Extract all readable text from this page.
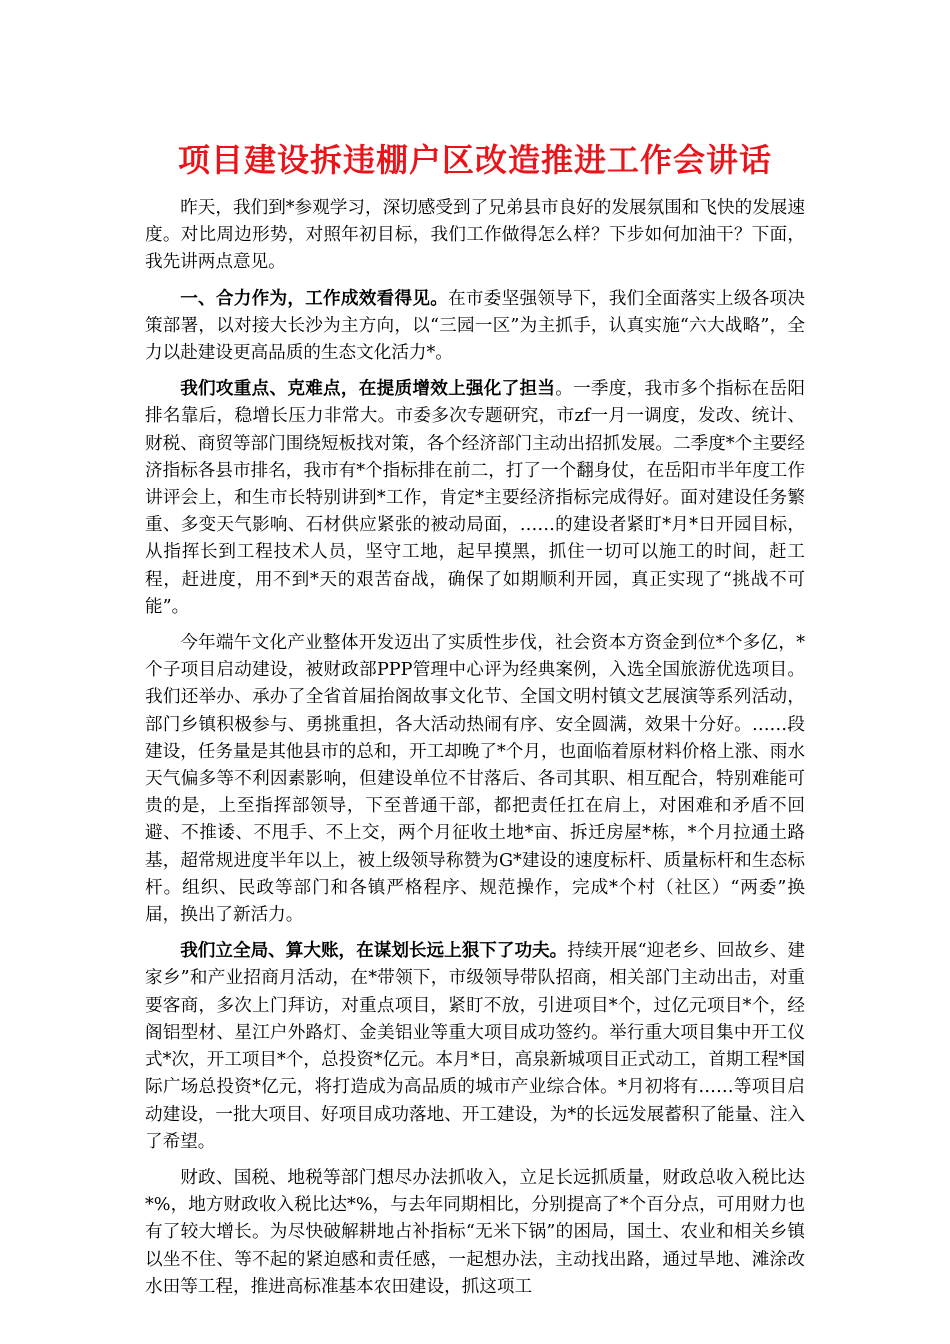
项目建设拆违棚户区改造推进工作会讲话

昨天，我们到*参观学习，深切感受到了兄弟县市良好的发展氛围和飞快的发展速度。对比周边形势，对照年初目标，我们工作做得怎么样？下步如何加油干？下面，我先讲两点意见。

一、合力作为，工作成效看得见。在市委坚强领导下，我们全面落实上级各项决策部署，以对接大长沙为主方向，以“三园一区”为主抓手，认真实施“六大战略”，全力以赴建设更高品质的生态文化活力*。

我们攻重点、克难点，在提质增效上强化了担当。一季度，我市多个指标在岳阳排名靠后，稳增长压力非常大。市委多次专题研究，市zf一月一调度，发改、统计、财税、商贸等部门围绕短板找对策，各个经济部门主动出招抓发展。二季度*个主要经济指标各县市排名，我市有*个指标排在前二，打了一个翻身仗，在岳阳市半年度工作讲评会上，和生市长特别讲到*工作，肯定*主要经济指标完成得好。面对建设任务繁重、多变天气影响、石材供应紧张的被动局面，……的建设者紧盯*月*日开园目标，从指挥长到工程技术人员，坚守工地，起早摸黑，抓住一切可以施工的时间，赶工程，赶进度，用不到*天的艰苦奋战，确保了如期顺利开园，真正实现了“挑战不可能”。

今年端午文化产业整体开发迈出了实质性步伐，社会资本方资金到位*个多亿，*个子项目启动建设，被财政部PPP管理中心评为经典案例，入选全国旅游优选项目。我们还举办、承办了全省首届抬阁故事文化节、全国文明村镇文艺展演等系列活动，部门乡镇积极参与、勇挑重担，各大活动热闹有序、安全圆满，效果十分好。……段建设，任务量是其他县市的总和，开工却晚了*个月，也面临着原材料价格上涨、雨水天气偏多等不利因素影响，但建设单位不甘落后、各司其职、相互配合，特别难能可贵的是，上至指挥部领导，下至普通干部，都把责任扛在肩上，对困难和矛盾不回避、不推诿、不甩手、不上交，两个月征收土地*亩、拆迁房屋*栋，*个月拉通土路基，超常规进度半年以上，被上级领导称赞为G*建设的速度标杆、质量标杆和生态标杆。组织、民政等部门和各镇严格程序、规范操作，完成*个村（社区）“两委”换届，换出了新活力。

我们立全局、算大账，在谋划长远上狠下了功夫。持续开展“迎老乡、回故乡、建家乡”和产业招商月活动，在*带领下，市级领导带队招商，相关部门主动出击，对重要客商，多次上门拜访，对重点项目，紧盯不放，引进项目*个，过亿元项目*个，经阁铝型材、星江户外路灯、金美铝业等重大项目成功签约。举行重大项目集中开工仪式*次，开工项目*个，总投资*亿元。本月*日，高泉新城项目正式动工，首期工程*国际广场总投资*亿元，将打造成为高品质的城市产业综合体。*月初将有……等项目启动建设，一批大项目、好项目成功落地、开工建设，为*的长远发展蓄积了能量、注入了希望。

财政、国税、地税等部门想尽办法抓收入，立足长远抓质量，财政总收入税比达*%，地方财政收入税比达*%，与去年同期相比，分别提高了*个百分点，可用财力也有了较大增长。为尽快破解耕地占补指标“无米下锅”的困局，国土、农业和相关乡镇以坐不住、等不起的紧迫感和责任感，一起想办法，主动找出路，通过旱地、滩涂改水田等工程，推进高标准基本农田建设，抓这项工
